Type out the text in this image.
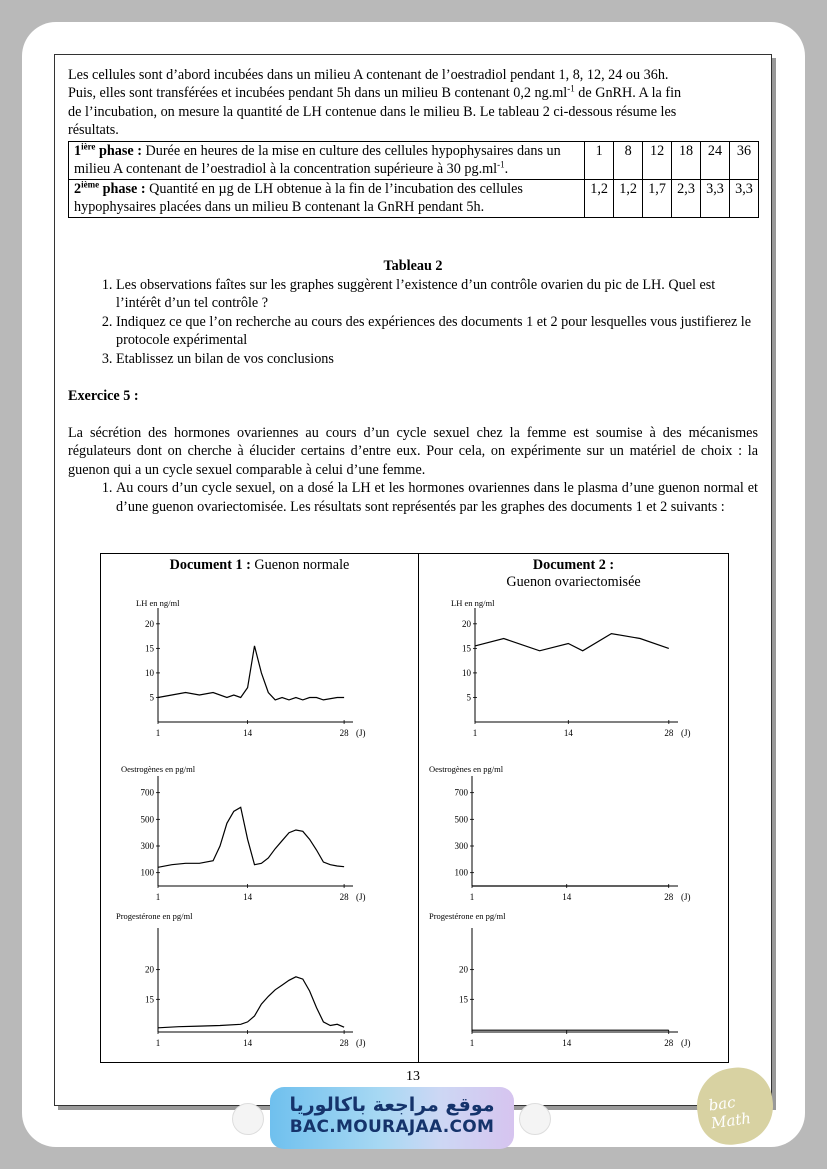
Les cellules sont d’abord incubées dans un milieu A contenant de l’oestradiol pendant 1, 8, 12, 24 ou 36h.
Puis, elles sont transférées et incubées pendant 5h dans un milieu B contenant 0,2 $ng.ml^{-1}$ de GnRH. A la fin
de l’incubation, on mesure la quantité de LH contenue dans le milieu B. Le tableau 2 ci-dessous résume les
résultats.
$1^{ière}$ phase : Durée en heures de la mise en culture des cellules hypophysaires dans un milieu A contenant de l’oestradiol à la concentration supérieure à 30 $pg.ml^{-1}$.	1	8	12	18	24	36
2ième phase : Quantité en µg de LH obtenue à la fin de l’incubation des cellules hypophysaires placées dans un milieu B contenant la GnRH pendant 5h.	1,2	1,2	1,7	2,3	3,3	3,3
Tableau 2
1. Les observations faîtes sur les graphes suggèrent l’existence d’un contrôle ovarien du pic de LH. Quel est l’intérêt d’un tel contrôle ?
2. Indiquez ce que l’on recherche au cours des expériences des documents 1 et 2 pour lesquelles vous justifierez le protocole expérimental
3. Etablissez un bilan de vos conclusions
Exercice 5 :

La sécrétion des hormones ovariennes au cours d’un cycle sexuel chez la femme est soumise à des mécanismes régulateurs dont on cherche à élucider certains d’entre eux. Pour cela, on expérimente sur un matériel de choix : la guenon qui a un cycle sexuel comparable à celui d’une femme.

1. Au cours d’un cycle sexuel, on a dosé la LH et les hormones ovariennes dans le plasma d’une guenon normal et d’une guenon ovariectomisée. Les résultats sont représentés par les graphes des documents 1 et 2 suivants :
Document 1 : Guenon normale	Document 2 :
Guenon ovariectomisée
LH en ng/ml
20
15
10
5
1	14	28 (J)
LH en ng/ml
20
15
10
5
1	14	28 (J)
Oestrogènes en pg/ml
700
500
300
100
1	14	28 (J)
Oestrogènes en pg/ml
700
500
300
100
1	14	28 (J)
Progestérone en pg/ml
20
15
1	14	28 (J)
Progestérone en pg/ml
20
15
1	14	28 (J)
13
موقع مراجعة باكالوريا
BAC.MOURAJAA.COM
bac Math
